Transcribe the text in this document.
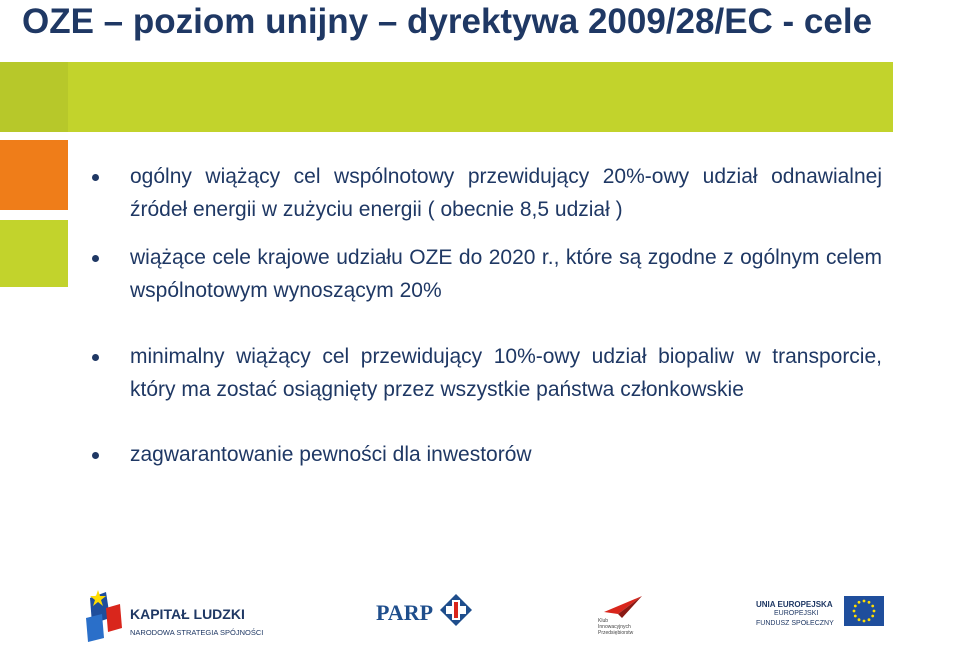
OZE – poziom unijny – dyrektywa 2009/28/EC - cele
ogólny wiążący cel wspólnotowy przewidujący 20%-owy udział odnawialnej źródeł energii w zużyciu energii ( obecnie 8,5 udział )
wiążące cele krajowe udziału OZE do 2020 r., które są zgodne z ogólnym celem wspólnotowym wynoszącym 20%
minimalny wiążący cel przewidujący 10%-owy udział biopaliw w transporcie, który ma zostać osiągnięty przez wszystkie państwa członkowskie
zagwarantowanie pewności dla inwestorów
KAPITAŁ LUDZKI
NARODOWA STRATEGIA SPÓJNOŚCI
PARP	Klub Innowacyjnych Przedsiębiorstw
UNIA EUROPEJSKA
EUROPEJSKI
FUNDUSZ SPOŁECZNY
